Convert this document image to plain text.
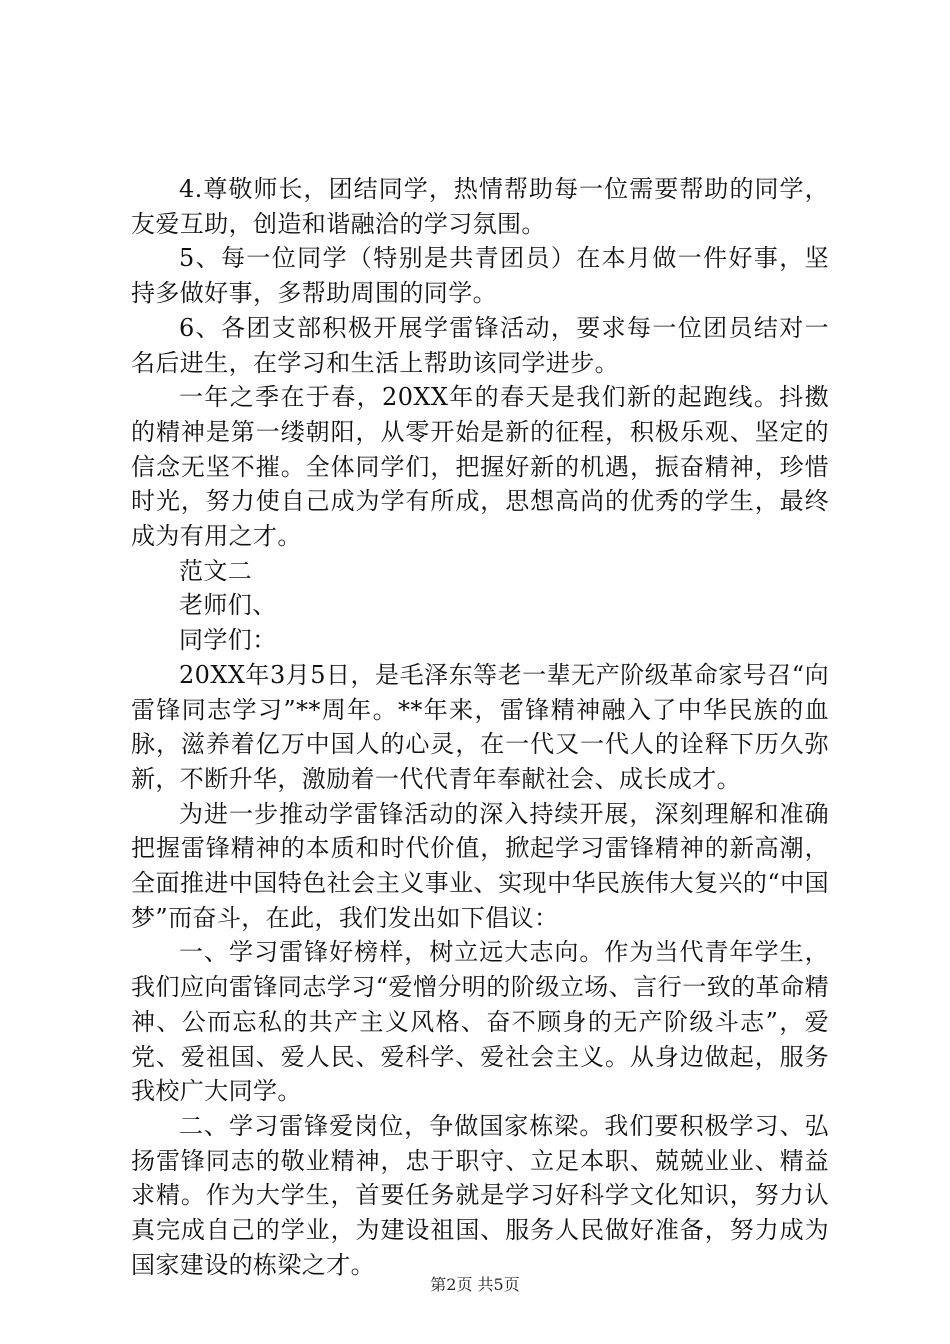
4.尊敬师长，团结同学，热情帮助每一位需要帮助的同学，友爱互助，创造和谐融洽的学习氛围。

5、每一位同学（特别是共青团员）在本月做一件好事，坚持多做好事，多帮助周围的同学。

6、各团支部积极开展学雷锋活动，要求每一位团员结对一名后进生，在学习和生活上帮助该同学进步。

一年之季在于春，20XX年的春天是我们新的起跑线。抖擞的精神是第一缕朝阳，从零开始是新的征程，积极乐观、坚定的信念无坚不摧。全体同学们，把握好新的机遇，振奋精神，珍惜时光，努力使自己成为学有所成，思想高尚的优秀的学生，最终成为有用之才。

范文二

老师们、

同学们：

20XX年3月5日，是毛泽东等老一辈无产阶级革命家号召“向雷锋同志学习”**周年。**年来，雷锋精神融入了中华民族的血脉，滋养着亿万中国人的心灵，在一代又一代人的诠释下历久弥新，不断升华，激励着一代代青年奉献社会、成长成才。

为进一步推动学雷锋活动的深入持续开展，深刻理解和准确把握雷锋精神的本质和时代价值，掀起学习雷锋精神的新高潮，全面推进中国特色社会主义事业、实现中华民族伟大复兴的“中国梦”而奋斗，在此，我们发出如下倡议：

一、学习雷锋好榜样，树立远大志向。作为当代青年学生，我们应向雷锋同志学习“爱憎分明的阶级立场、言行一致的革命精神、公而忘私的共产主义风格、奋不顾身的无产阶级斗志”，爱党、爱祖国、爱人民、爱科学、爱社会主义。从身边做起，服务我校广大同学。

二、学习雷锋爱岗位，争做国家栋梁。我们要积极学习、弘扬雷锋同志的敬业精神，忠于职守、立足本职、兢兢业业、精益求精。作为大学生，首要任务就是学习好科学文化知识，努力认真完成自己的学业，为建设祖国、服务人民做好准备，努力成为国家建设的栋梁之才。

第2页 共5页
